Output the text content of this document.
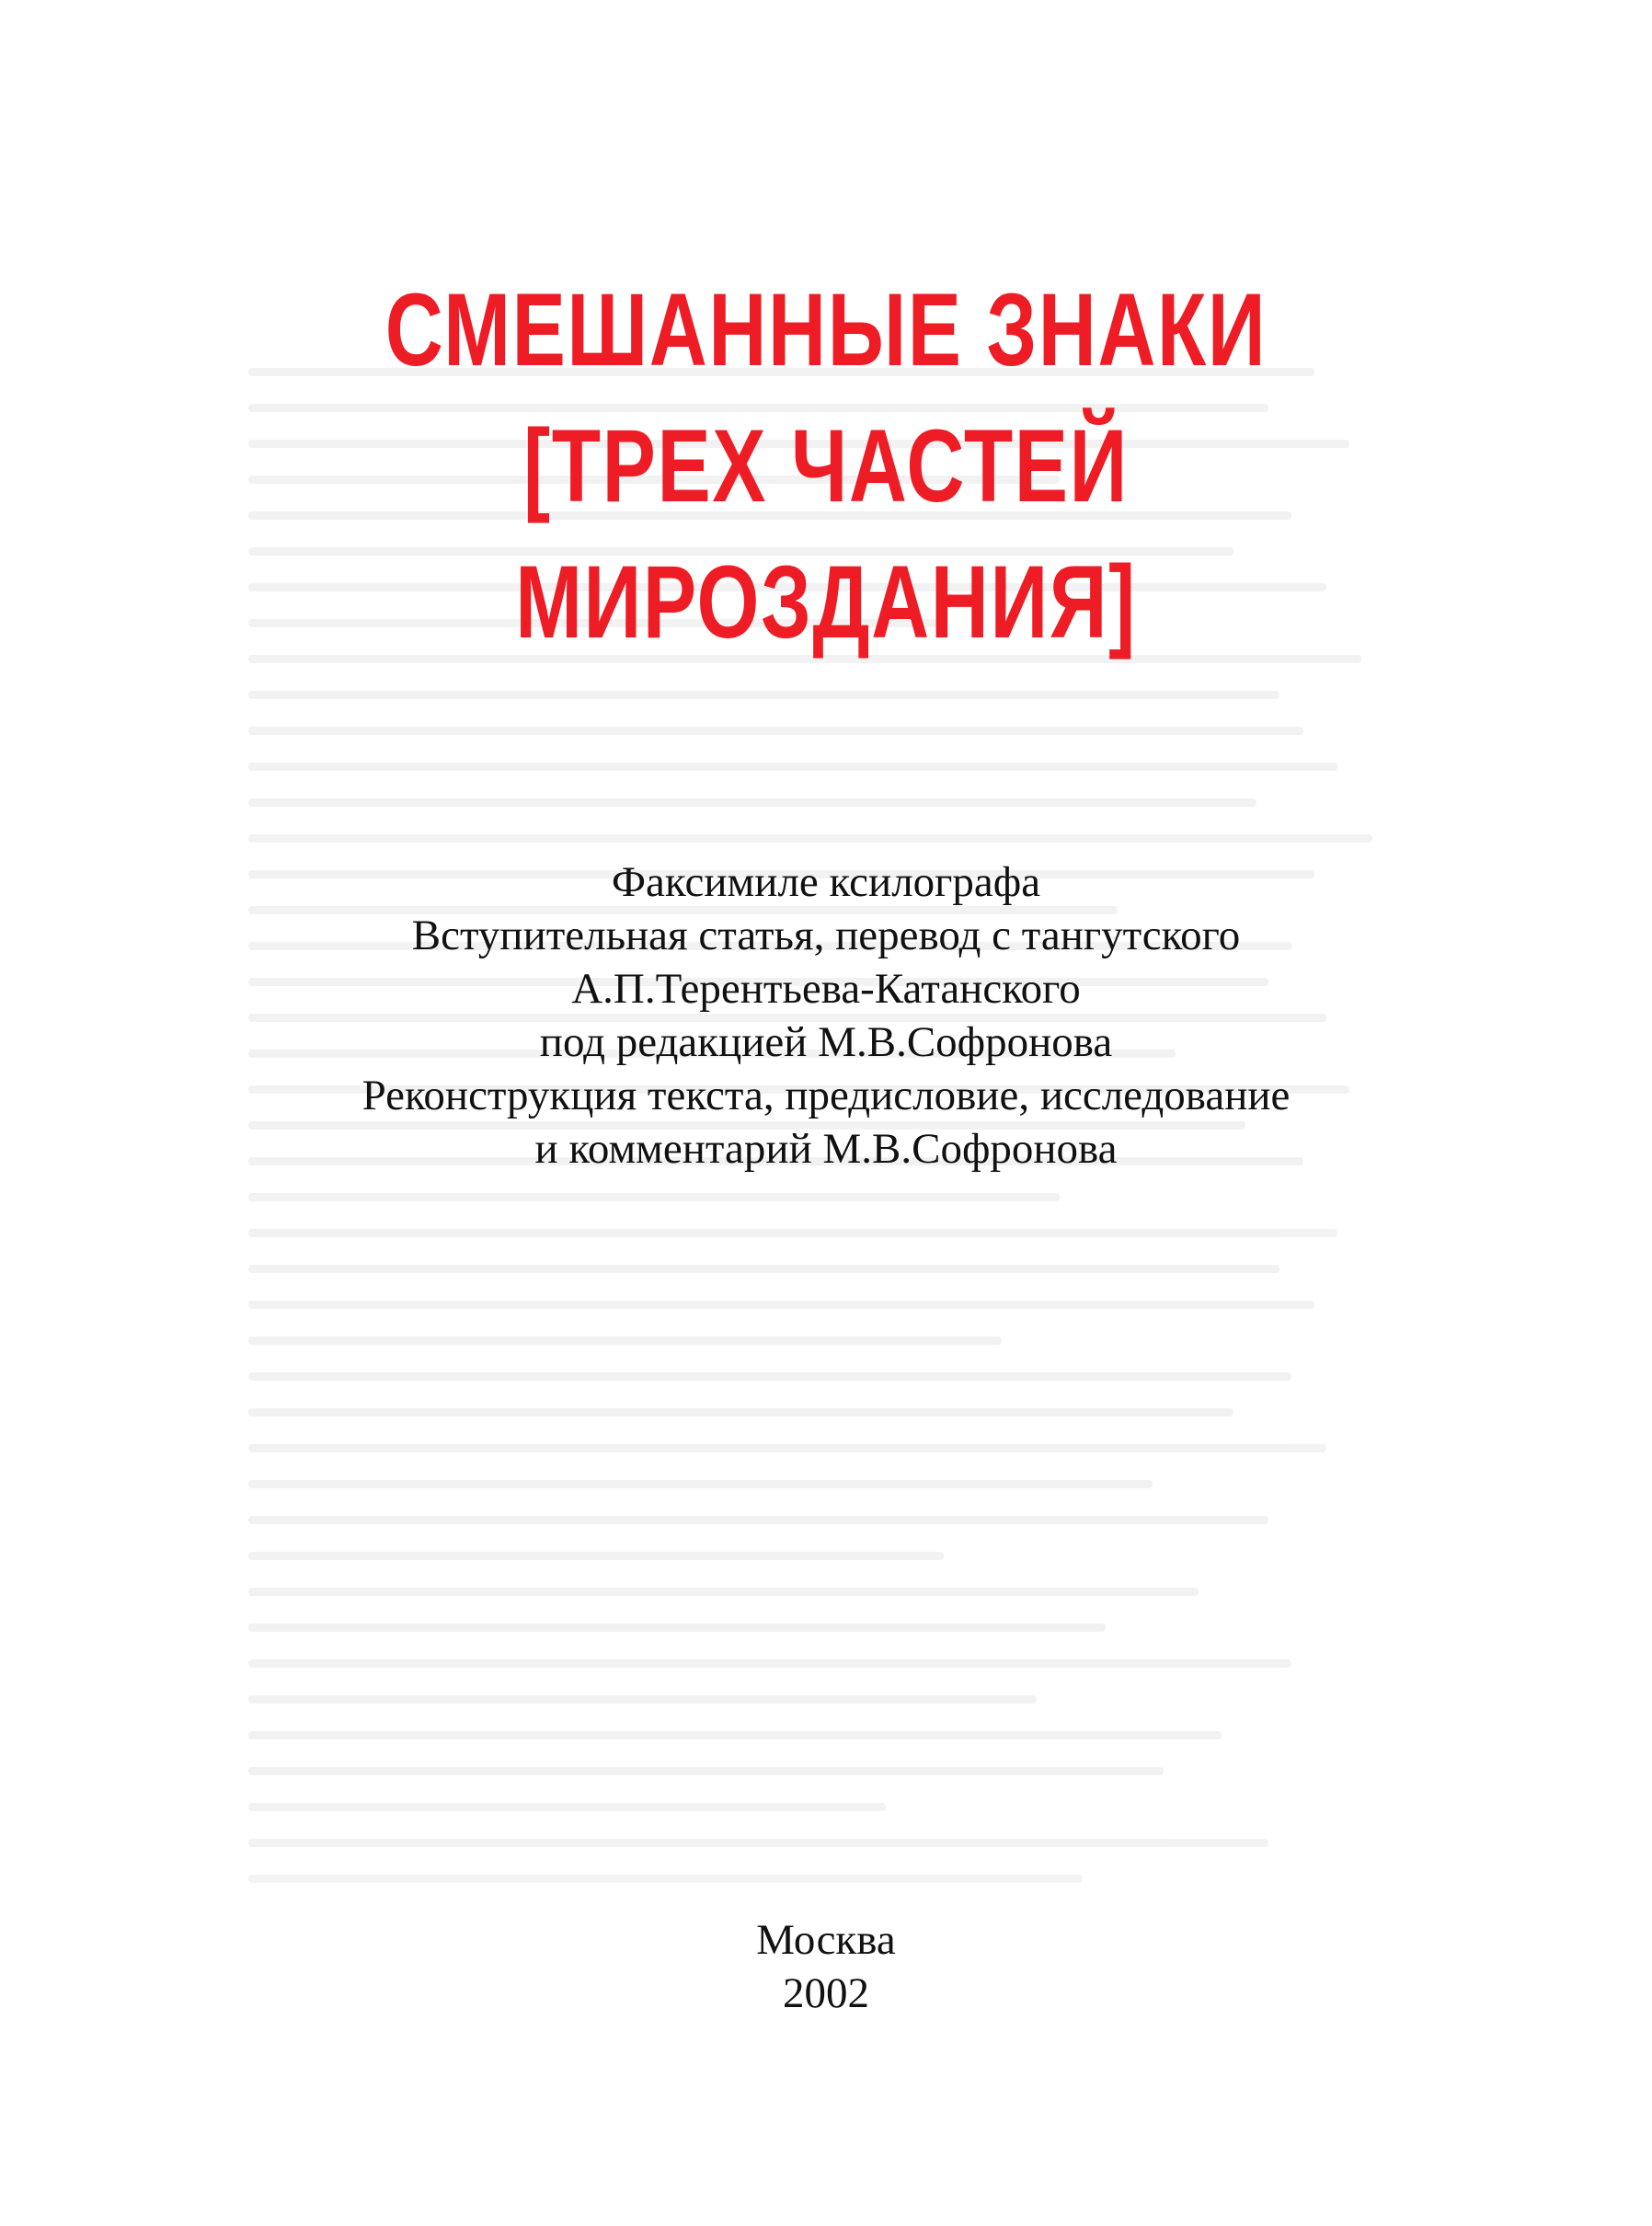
СМЕШАННЫЕ ЗНАКИ
[ТРЕХ ЧАСТЕЙ
МИРОЗДАНИЯ]
Факсимиле ксилографа
Вступительная статья, перевод с тангутского
А.П.Терентьева-Катанского
под редакцией М.В.Софронова
Реконструкция текста, предисловие, исследование
и комментарий М.В.Софронова
Москва
2002
